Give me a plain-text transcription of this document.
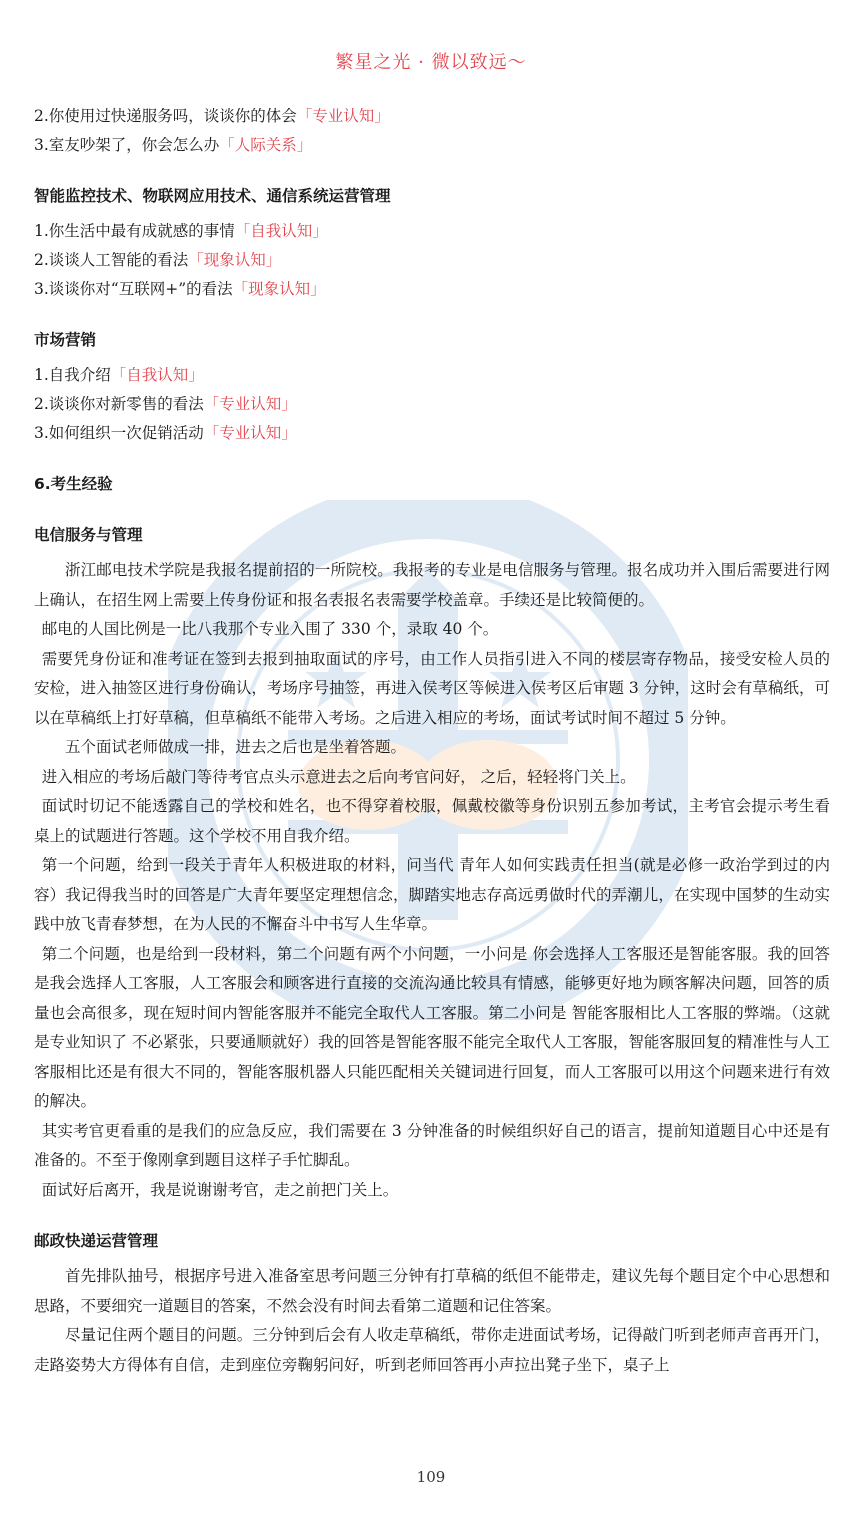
繁星之光 · 微以致远～
2.你使用过快递服务吗，谈谈你的体会「专业认知」
3.室友吵架了，你会怎么办「人际关系」
智能监控技术、物联网应用技术、通信系统运营管理
1.你生活中最有成就感的事情「自我认知」
2.谈谈人工智能的看法「现象认知」
3.谈谈你对“互联网+”的看法「现象认知」
市场营销
1.自我介绍「自我认知」
2.谈谈你对新零售的看法「专业认知」
3.如何组织一次促销活动「专业认知」
6.考生经验
电信服务与管理
浙江邮电技术学院是我报名提前招的一所院校。我报考的专业是电信服务与管理。报名成功并入围后需要进行网上确认，在招生网上需要上传身份证和报名表报名表需要学校盖章。手续还是比较简便的。
邮电的人国比例是一比八我那个专业入围了 330 个，录取 40 个。
需要凭身份证和准考证在签到去报到抽取面试的序号，由工作人员指引进入不同的楼层寄存物品，接受安检人员的安检，进入抽签区进行身份确认，考场序号抽签，再进入侯考区等候进入侯考区后审题 3 分钟，这时会有草稿纸，可以在草稿纸上打好草稿，但草稿纸不能带入考场。之后进入相应的考场，面试考试时间不超过 5 分钟。
五个面试老师做成一排，进去之后也是坐着答题。
进入相应的考场后敲门等待考官点头示意进去之后向考官问好， 之后，轻轻将门关上。
面试时切记不能透露自己的学校和姓名，也不得穿着校服，佩戴校徽等身份识别五参加考试，主考官会提示考生看桌上的试题进行答题。这个学校不用自我介绍。
第一个问题，给到一段关于青年人积极进取的材料，问当代 青年人如何实践责任担当(就是必修一政治学到过的内容）我记得我当时的回答是广大青年要坚定理想信念，脚踏实地志存高远勇做时代的弄潮儿，在实现中国梦的生动实践中放飞青春梦想，在为人民的不懈奋斗中书写人生华章。
第二个问题，也是给到一段材料，第二个问题有两个小问题，一小问是 你会选择人工客服还是智能客服。我的回答是我会选择人工客服，人工客服会和顾客进行直接的交流沟通比较具有情感，能够更好地为顾客解决问题，回答的质量也会高很多，现在短时间内智能客服并不能完全取代人工客服。第二小问是 智能客服相比人工客服的弊端。（这就是专业知识了 不必紧张，只要通顺就好）我的回答是智能客服不能完全取代人工客服，智能客服回复的精准性与人工客服相比还是有很大不同的，智能客服机器人只能匹配相关关键词进行回复，而人工客服可以用这个问题来进行有效的解决。
其实考官更看重的是我们的应急反应，我们需要在 3 分钟准备的时候组织好自己的语言，提前知道题目心中还是有准备的。不至于像刚拿到题目这样子手忙脚乱。
面试好后离开，我是说谢谢考官，走之前把门关上。
邮政快递运营管理
首先排队抽号，根据序号进入准备室思考问题三分钟有打草稿的纸但不能带走，建议先每个题目定个中心思想和思路，不要细究一道题目的答案，不然会没有时间去看第二道题和记住答案。
尽量记住两个题目的问题。三分钟到后会有人收走草稿纸，带你走进面试考场，记得敲门听到老师声音再开门，走路姿势大方得体有自信，走到座位旁鞠躬问好，听到老师回答再小声拉出凳子坐下，桌子上
109
